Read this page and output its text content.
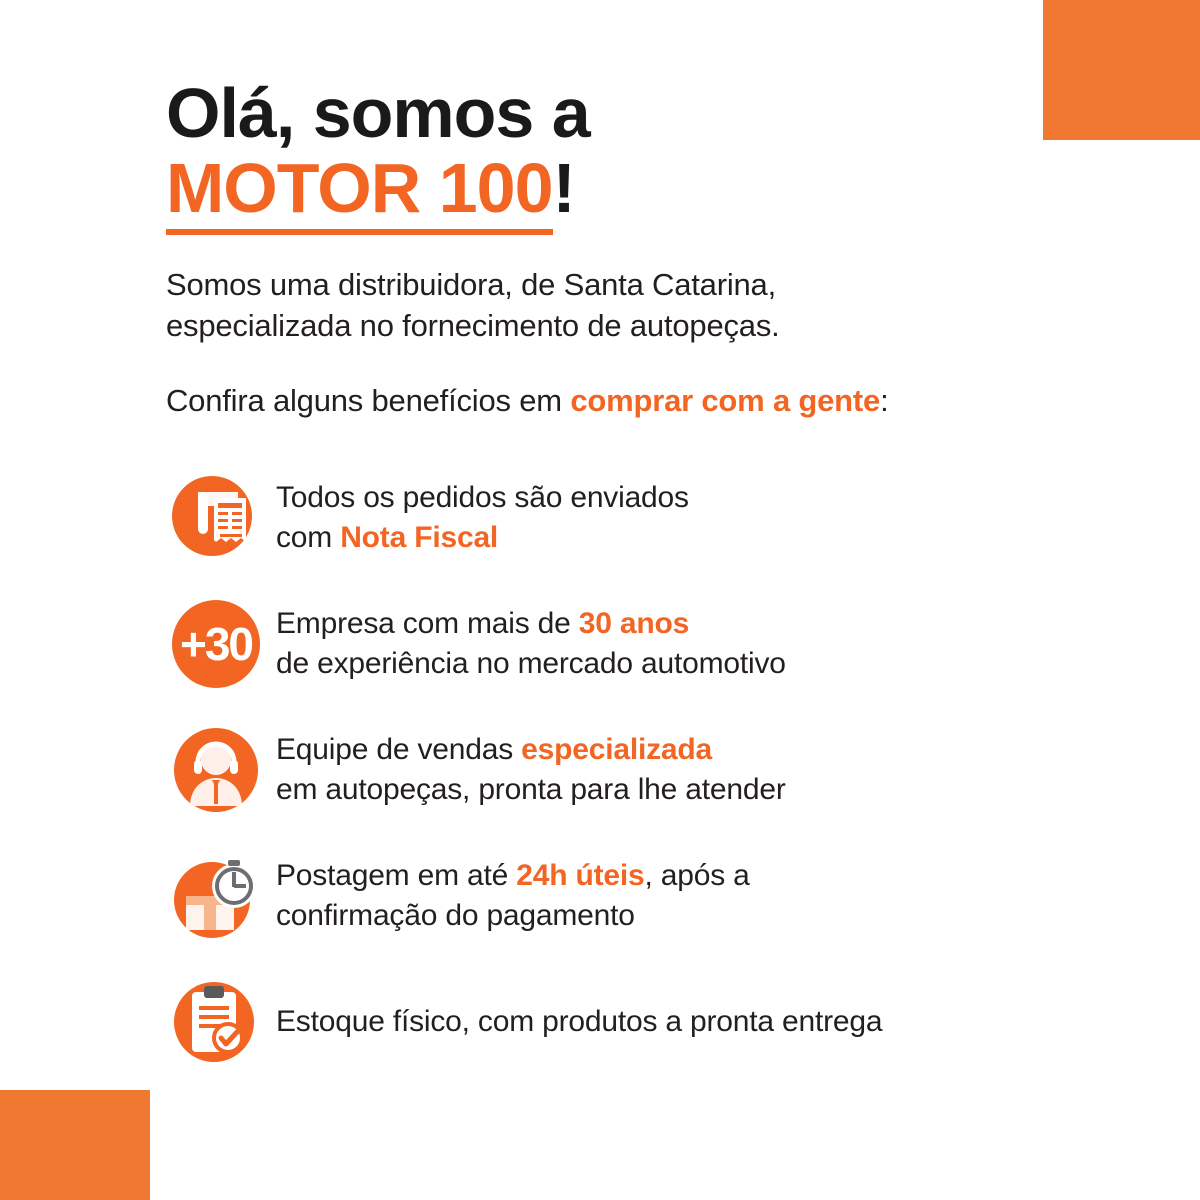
Olá, somos a
MOTOR 100!
Somos uma distribuidora, de Santa Catarina,
especializada no fornecimento de autopeças.
Confira alguns benefícios em comprar com a gente:
Todos os pedidos são enviados
com Nota Fiscal
+30 Empresa com mais de 30 anos
de experiência no mercado automotivo
Equipe de vendas especializada
em autopeças, pronta para lhe atender
Postagem em até 24h úteis, após a
confirmação do pagamento
Estoque físico, com produtos a pronta entrega
